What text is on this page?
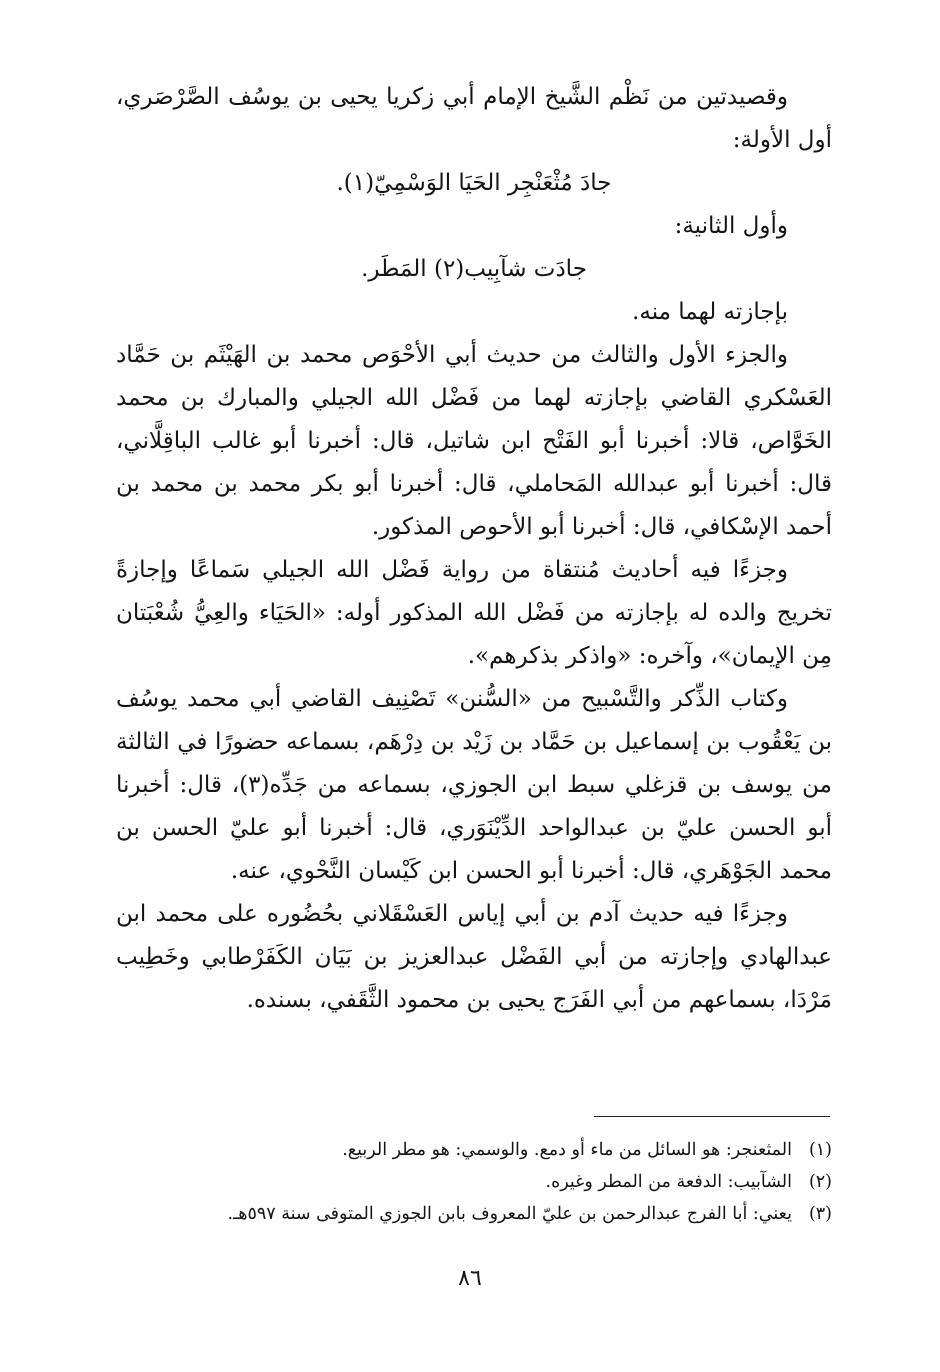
وقصيدتين من نَظْم الشَّيخ الإمام أبي زكريا يحيى بن يوسُف الصَّرْصَري، أول الأولة:

جادَ مُثْعَنْجِر الحَيَا الوَسْمِيّ(١).

وأول الثانية:

جادَت شآبِيب(٢) المَطَر.

بإجازته لهما منه.

والجزء الأول والثالث من حديث أبي الأحْوَص محمد بن الهَيْثَم بن حَمَّاد العَسْكري القاضي بإجازته لهما من فَضْل الله الجيلي والمبارك بن محمد الخَوَّاص، قالا: أخبرنا أبو الفَتْح ابن شاتيل، قال: أخبرنا أبو غالب الباقِلَّاني، قال: أخبرنا أبو عبدالله المَحاملي، قال: أخبرنا أبو بكر محمد بن محمد بن أحمد الإسْكافي، قال: أخبرنا أبو الأحوص المذكور.

وجزءًا فيه أحاديث مُنتقاة من رواية فَضْل الله الجيلي سَماعًا وإجازةً تخريج والده له بإجازته من فَضْل الله المذكور أوله: «الحَيَاء والعِيُّ شُعْبَتان مِن الإيمان»، وآخره: «واذكر بذكرهم».

وكتاب الذِّكر والتَّسْبيح من «السُّنن» تَصْنِيف القاضي أبي محمد يوسُف بن يَعْقُوب بن إسماعيل بن حَمَّاد بن زَيْد بن دِرْهَم، بسماعه حضورًا في الثالثة من يوسف بن قزغلي سبط ابن الجوزي، بسماعه من جَدِّه(٣)، قال: أخبرنا أبو الحسن عليّ بن عبدالواحد الدِّيْنَوَري، قال: أخبرنا أبو عليّ الحسن بن محمد الجَوْهَري، قال: أخبرنا أبو الحسن ابن كَيْسان النَّحْوي، عنه.

وجزءًا فيه حديث آدم بن أبي إياس العَسْقَلاني بحُضُوره على محمد ابن عبدالهادي وإجازته من أبي الفَضْل عبدالعزيز بن بَيَان الكَفَرْطابي وخَطِيب مَرْدَا، بسماعهم من أبي الفَرَج يحيى بن محمود الثَّقَفي، بسنده.

(١)المثعنجر: هو السائل من ماء أو دمع. والوسمي: هو مطر الربيع.

(٢)الشآبيب: الدفعة من المطر وغيره.

(٣)يعني: أبا الفرج عبدالرحمن بن عليّ المعروف بابن الجوزي المتوفى سنة ٥٩٧هـ.

٨٦
